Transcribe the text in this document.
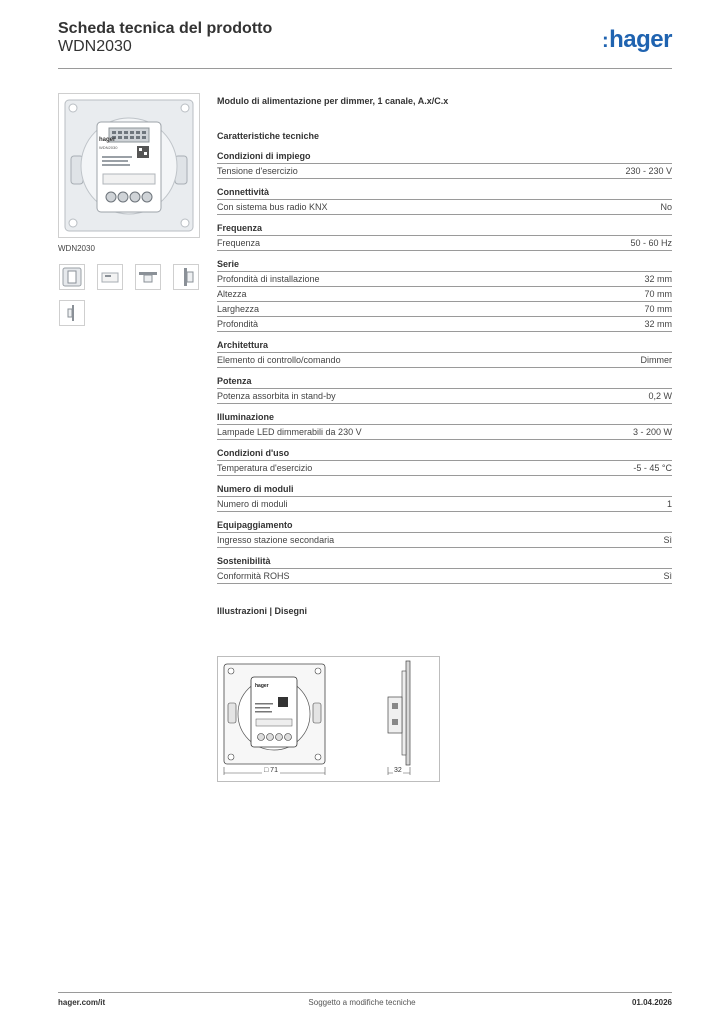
Scheda tecnica del prodotto
WDN2030	:hager
hager
WDN2030
WDN2030
Modulo di alimentazione per dimmer, 1 canale, A.x/C.x
Caratteristiche tecniche
Condizioni di impiego
Tensione d'esercizio	230 - 230 V
Connettività
Con sistema bus radio KNX	No
Frequenza
Frequenza	50 - 60 Hz
Serie
Profondità di installazione	32 mm
Altezza	70 mm
Larghezza	70 mm
Profondità	32 mm
Architettura
Elemento di controllo/comando	Dimmer
Potenza
Potenza assorbita in stand-by	0,2 W
Illuminazione
Lampade LED dimmerabili da 230 V	3 - 200 W
Condizioni d'uso
Temperatura d'esercizio	-5 - 45 °C
Numero di moduli
Numero di moduli	1
Equipaggiamento
Ingresso stazione secondaria	Sì
Sostenibilità
Conformità ROHS	Sì
Illustrazioni | Disegni
hager
□ 71	32
hager.com/it	Soggetto a modifiche tecniche	01.04.2026
